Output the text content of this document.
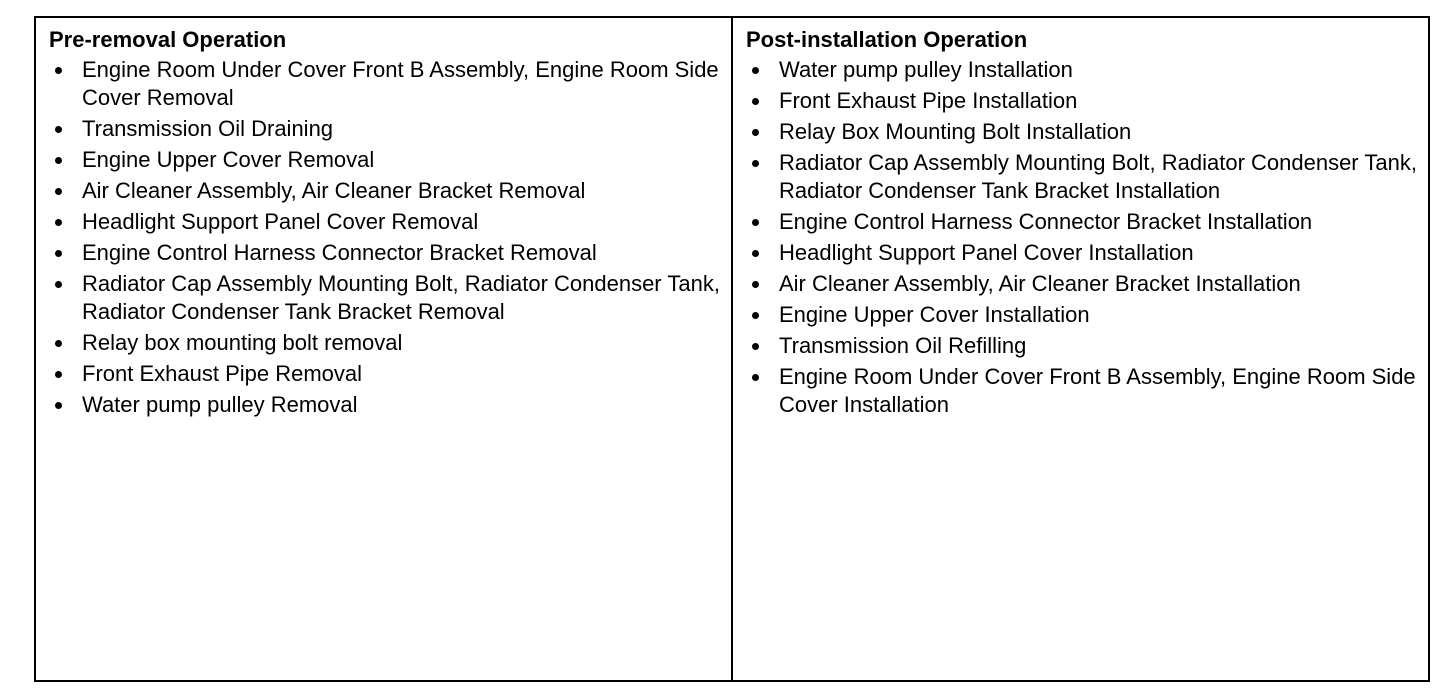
Pre-removal Operation
Engine Room Under Cover Front B Assembly, Engine Room Side Cover Removal
Transmission Oil Draining
Engine Upper Cover Removal
Air Cleaner Assembly, Air Cleaner Bracket Removal
Headlight Support Panel Cover Removal
Engine Control Harness Connector Bracket Removal
Radiator Cap Assembly Mounting Bolt, Radiator Condenser Tank, Radiator Condenser Tank Bracket Removal
Relay box mounting bolt removal
Front Exhaust Pipe Removal
Water pump pulley Removal

Post-installation Operation
Water pump pulley Installation
Front Exhaust Pipe Installation
Relay Box Mounting Bolt Installation
Radiator Cap Assembly Mounting Bolt, Radiator Condenser Tank, Radiator Condenser Tank Bracket Installation
Engine Control Harness Connector Bracket Installation
Headlight Support Panel Cover Installation
Air Cleaner Assembly, Air Cleaner Bracket Installation
Engine Upper Cover Installation
Transmission Oil Refilling
Engine Room Under Cover Front B Assembly, Engine Room Side Cover Installation
